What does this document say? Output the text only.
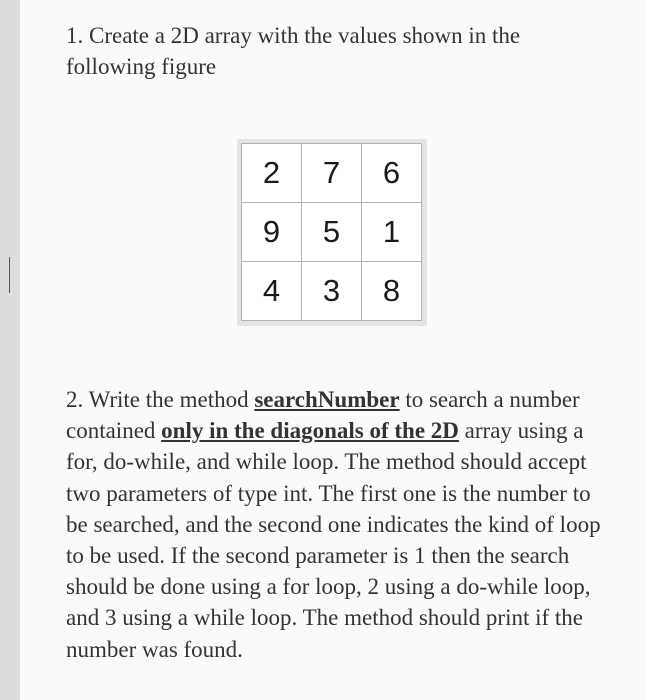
1. Create a 2D array with the values shown in the following figure

2	7	6
9	5	1
4	3	8

2. Write the method searchNumber to search a number contained only in the diagonals of the 2D array using a for, do-while, and while loop. The method should accept two parameters of type int. The first one is the number to be searched, and the second one indicates the kind of loop to be used. If the second parameter is 1 then the search should be done using a for loop, 2 using a do-while loop, and 3 using a while loop. The method should print if the number was found.
